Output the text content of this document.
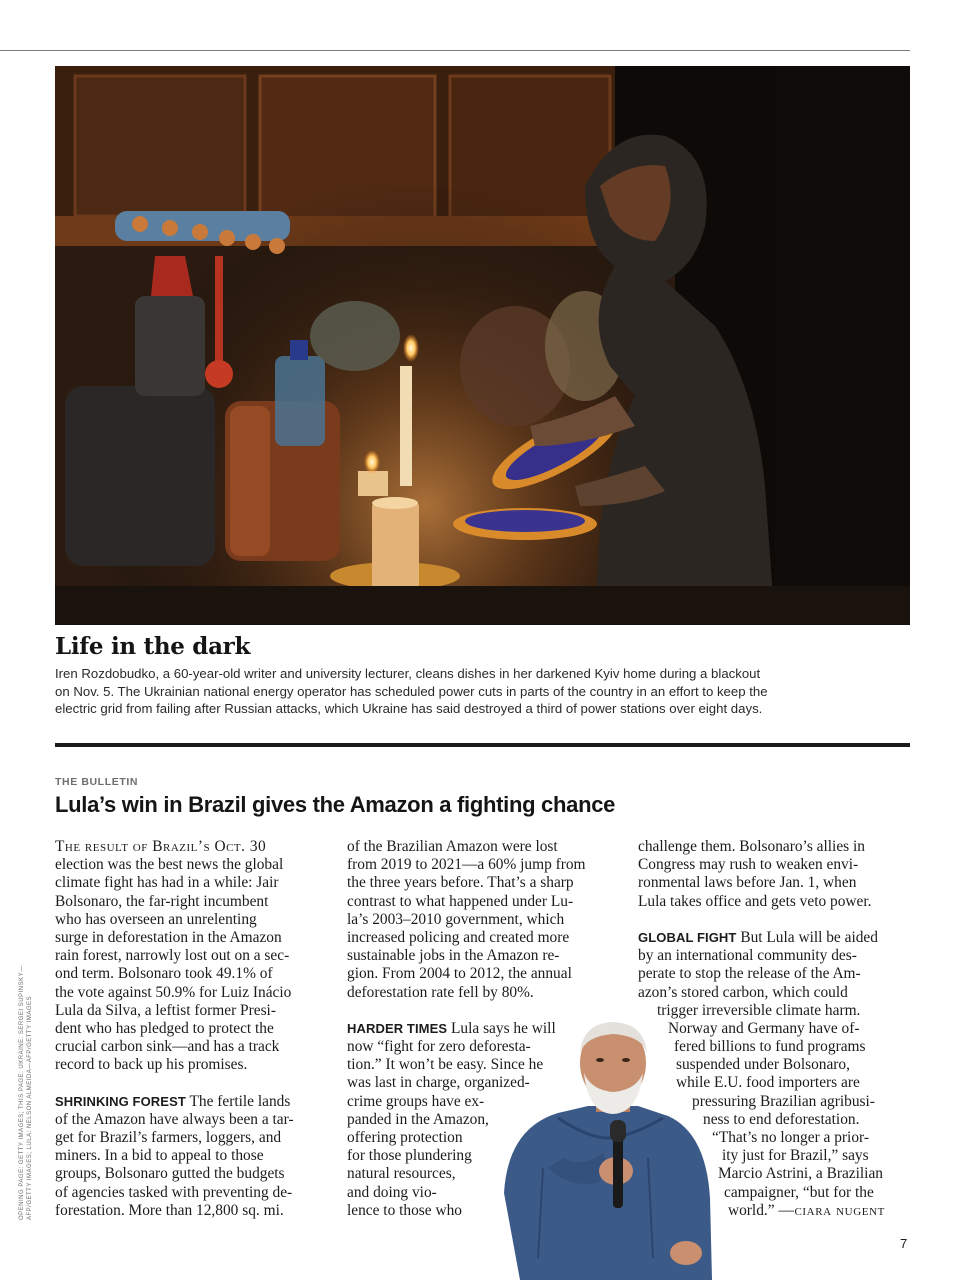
Life in the dark
Iren Rozdobudko, a 60-year-old writer and university lecturer, cleans dishes in her darkened Kyiv home during a blackout
on Nov. 5. The Ukrainian national energy operator has scheduled power cuts in parts of the country in an effort to keep the
electric grid from failing after Russian attacks, which Ukraine has said destroyed a third of power stations over eight days.
THE BULLETIN
Lula’s win in Brazil gives the Amazon a fighting chance
The result of Brazil’s Oct. 30
election was the best news the global
climate fight has had in a while: Jair
Bolsonaro, the far-right incumbent
who has overseen an unrelenting
surge in deforestation in the Amazon
rain forest, narrowly lost out on a sec-
ond term. Bolsonaro took 49.1% of
the vote against 50.9% for Luiz Inácio
Lula da Silva, a leftist former Presi-
dent who has pledged to protect the
crucial carbon sink—and has a track
record to back up his promises.
SHRINKING FOREST The fertile lands
of the Amazon have always been a tar-
get for Brazil’s farmers, loggers, and
miners. In a bid to appeal to those
groups, Bolsonaro gutted the budgets
of agencies tasked with preventing de-
forestation. More than 12,800 sq. mi.
of the Brazilian Amazon were lost
from 2019 to 2021—a 60% jump from
the three years before. That’s a sharp
contrast to what happened under Lu-
la’s 2003–2010 government, which
increased policing and created more
sustainable jobs in the Amazon re-
gion. From 2004 to 2012, the annual
deforestation rate fell by 80%.
HARDER TIMES Lula says he will
now “fight for zero deforesta-
tion.” It won’t be easy. Since he
was last in charge, organized-
crime groups have ex-
panded in the Amazon,
offering protection
for those plundering
natural resources,
and doing vio-
lence to those who
challenge them. Bolsonaro’s allies in
Congress may rush to weaken envi-
ronmental laws before Jan. 1, when
Lula takes office and gets veto power.
GLOBAL FIGHT But Lula will be aided
by an international community des-
perate to stop the release of the Am-
azon’s stored carbon, which could
trigger irreversible climate harm.
Norway and Germany have of-
fered billions to fund programs
suspended under Bolsonaro,
while E.U. food importers are
pressuring Brazilian agribusi-
ness to end deforestation.
“That’s no longer a prior-
ity just for Brazil,” says
Marcio Astrini, a Brazilian
campaigner, “but for the
world.” —ciara nugent
OPENING PAGE: GETTY IMAGES; THIS PAGE: UKRAINE: SERGEI SUPINSKY— AFP/GETTY IMAGES; LULA: NELSON ALMEIDA—AFP/GETTY IMAGES
7
